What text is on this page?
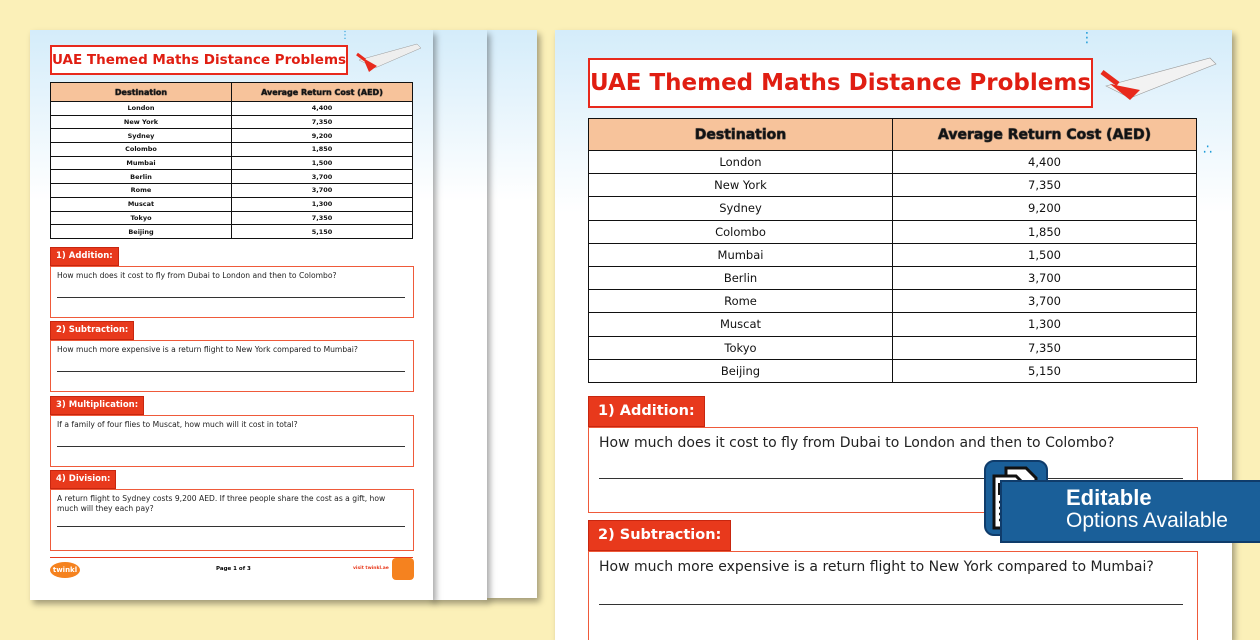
⋮
UAE Themed Maths Distance Problems
Destination	Average Return Cost (AED)
London	4,400
New York	7,350
Sydney	9,200
Colombo	1,850
Mumbai	1,500
Berlin	3,700
Rome	3,700
Muscat	1,300
Tokyo	7,350
Beijing	5,150
twinkl	Page 1 of 3	visit twinkl.ae
1) Addition:
How much does it cost to fly from Dubai to London and then to Colombo?
2) Subtraction:
How much more expensive is a return flight to New York compared to Mumbai?
3) Multiplication:
If a family of four flies to Muscat, how much will it cost in total?
4) Division:
A return flight to Sydney costs 9,200 AED. If three people share the cost as a gift, how much will they each pay?
⋮
∴
UAE Themed Maths Distance Problems
Destination	Average Return Cost (AED)
London	4,400
New York	7,350
Sydney	9,200
Colombo	1,850
Mumbai	1,500
Berlin	3,700
Rome	3,700
Muscat	1,300
Tokyo	7,350
Beijing	5,150
1) Addition:
How much does it cost to fly from Dubai to London and then to Colombo?
2) Subtraction:
How much more expensive is a return flight to New York compared to Mumbai?
Editable
Options Available
